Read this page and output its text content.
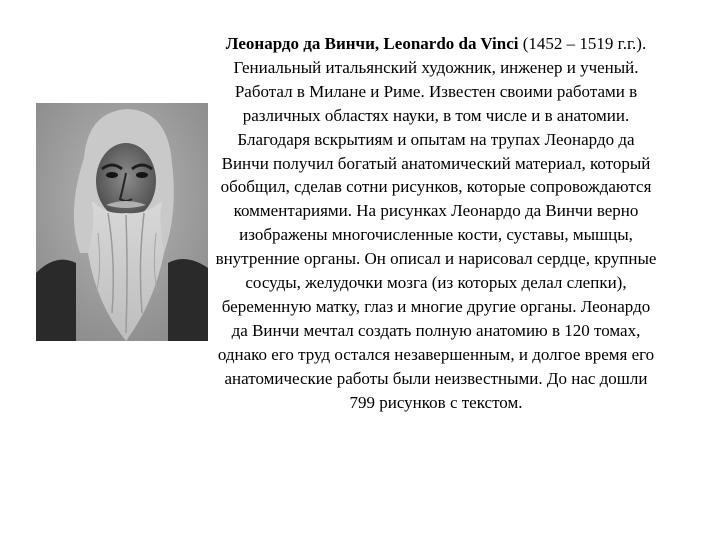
Леонардо да Винчи, Leonardo da Vinci (1452 – 1519 г.г.). Гениальный итальянский художник, инженер и ученый. Работал в Милане и Риме. Известен своими работами в различных областях науки, в том числе и в анатомии. Благодаря вскрытиям и опытам на трупах Леонардо да Винчи получил богатый анатомический материал, который обобщил, сделав сотни рисунков, которые сопровождаются комментариями. На рисунках Леонардо да Винчи верно изображены многочисленные кости, суставы, мышцы, внутренние органы. Он описал и нарисовал сердце, крупные сосуды, желудочки мозга (из которых делал слепки), беременную матку, глаз и многие другие органы. Леонардо да Винчи мечтал создать полную анатомию в 120 томах, однако его труд остался незавершенным, и долгое время его анатомические работы были неизвестными. До нас дошли 799 рисунков с текстом.
